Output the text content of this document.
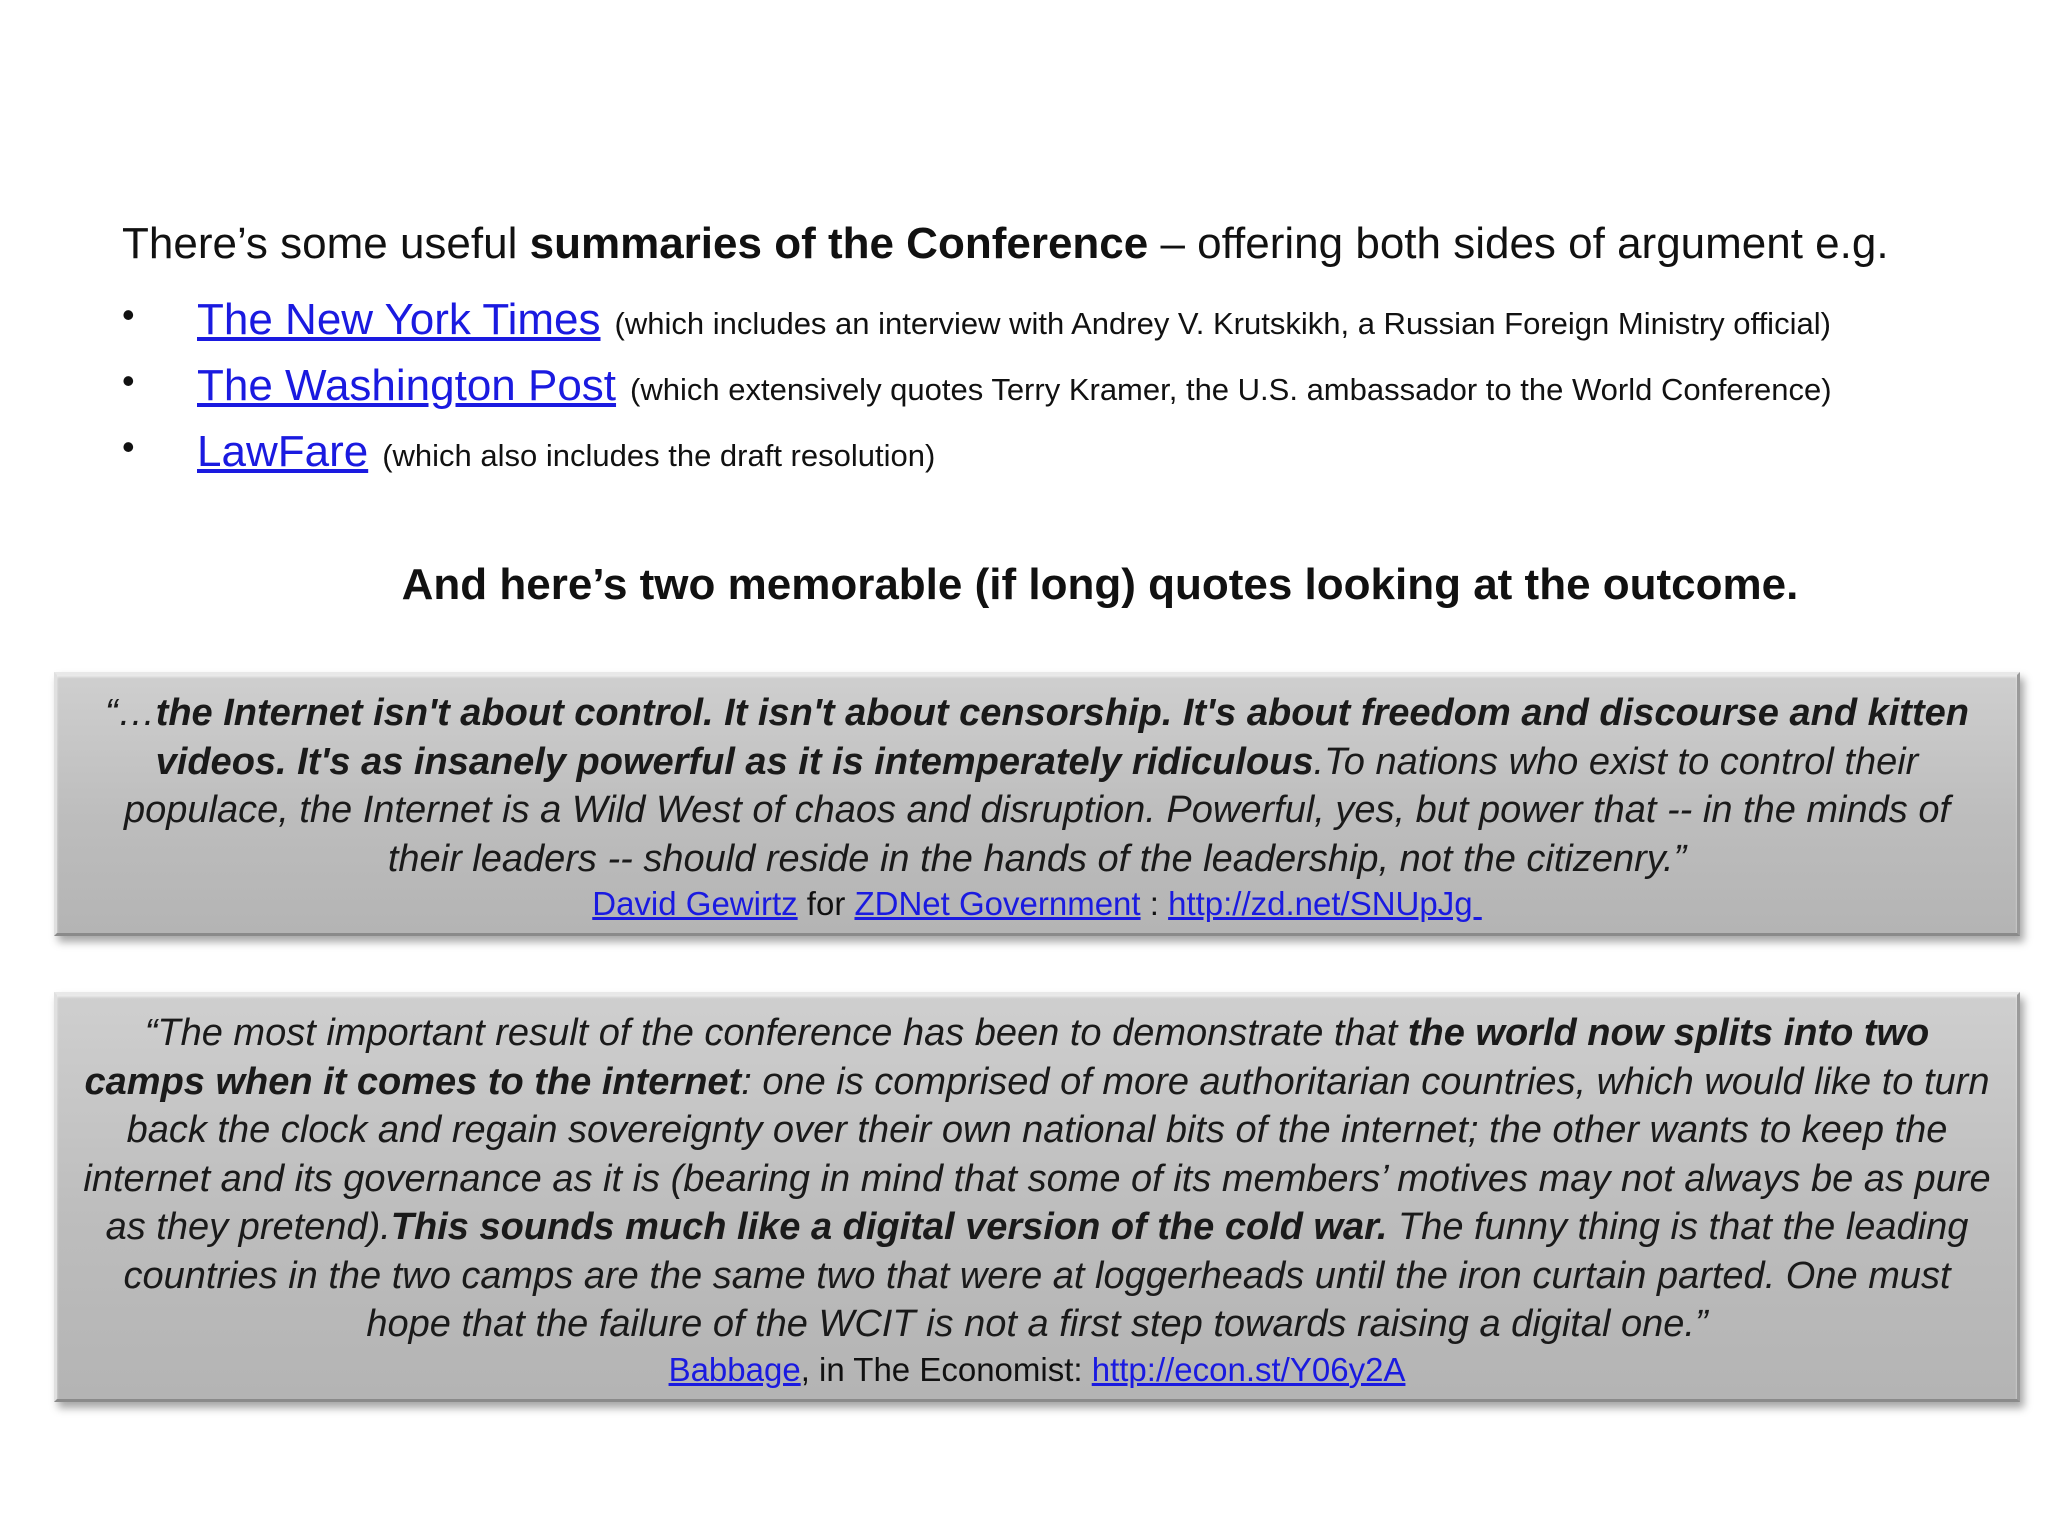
There’s some useful summaries of the Conference – offering both sides of argument e.g.
• The New York Times (which includes an interview with Andrey V. Krutskikh, a Russian Foreign Ministry official)
• The Washington Post (which extensively quotes Terry Kramer, the U.S. ambassador to the World Conference)
• LawFare (which also includes the draft resolution)
And here’s two memorable (if long) quotes looking at the outcome.
“…the Internet isn't about control. It isn't about censorship. It's about freedom and discourse and kitten videos. It's as insanely powerful as it is intemperately ridiculous.To nations who exist to control their populace, the Internet is a Wild West of chaos and disruption. Powerful, yes, but power that -- in the minds of their leaders -- should reside in the hands of the leadership, not the citizenry.”
David Gewirtz for ZDNet Government : http://zd.net/SNUpJg
“The most important result of the conference has been to demonstrate that the world now splits into two camps when it comes to the internet: one is comprised of more authoritarian countries, which would like to turn back the clock and regain sovereignty over their own national bits of the internet; the other wants to keep the internet and its governance as it is (bearing in mind that some of its members’ motives may not always be as pure as they pretend).This sounds much like a digital version of the cold war. The funny thing is that the leading countries in the two camps are the same two that were at loggerheads until the iron curtain parted. One must hope that the failure of the WCIT is not a first step towards raising a digital one.”
Babbage, in The Economist: http://econ.st/Y06y2A
